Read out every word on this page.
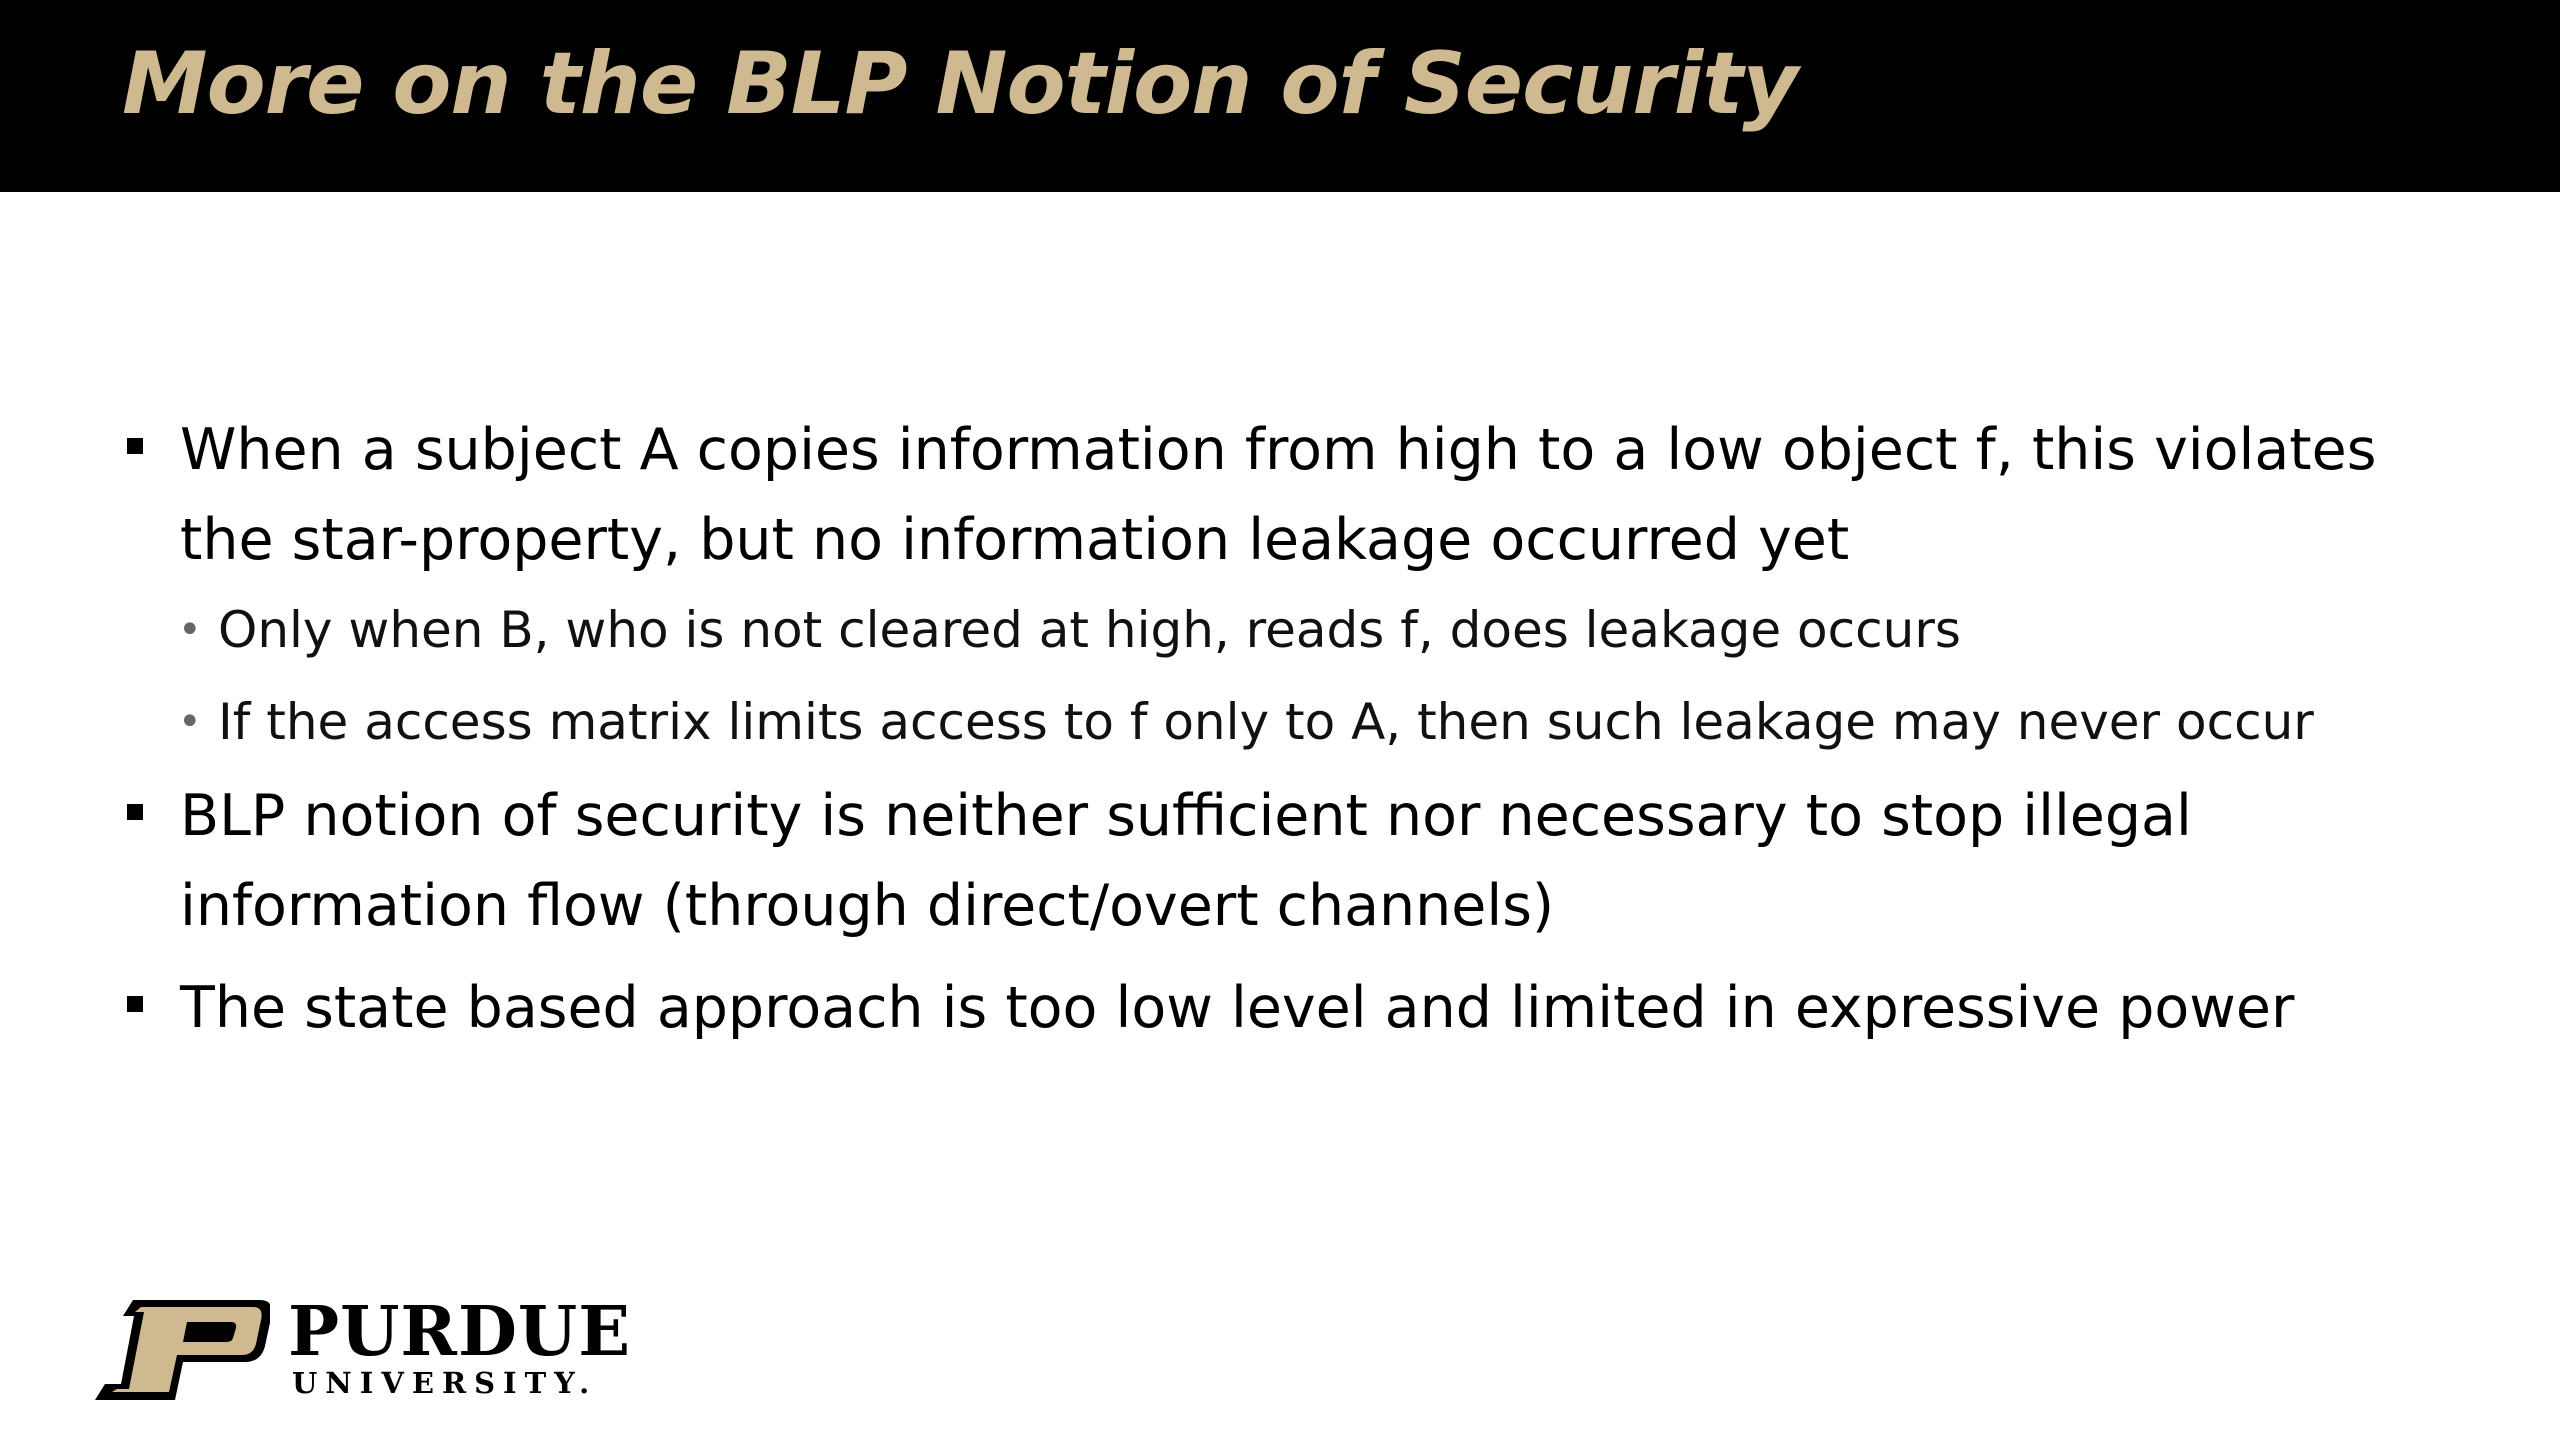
More on the BLP Notion of Security
When a subject A copies information from high to a low object f, this violates the star-property, but no information leakage occurred yet
• Only when B, who is not cleared at high, reads f, does leakage occurs
• If the access matrix limits access to f only to A, then such leakage may never occur
BLP notion of security is neither sufficient nor necessary to stop illegal information flow (through direct/overt channels)
The state based approach is too low level and limited in expressive power

PURDUE

UNIVERSITY.
